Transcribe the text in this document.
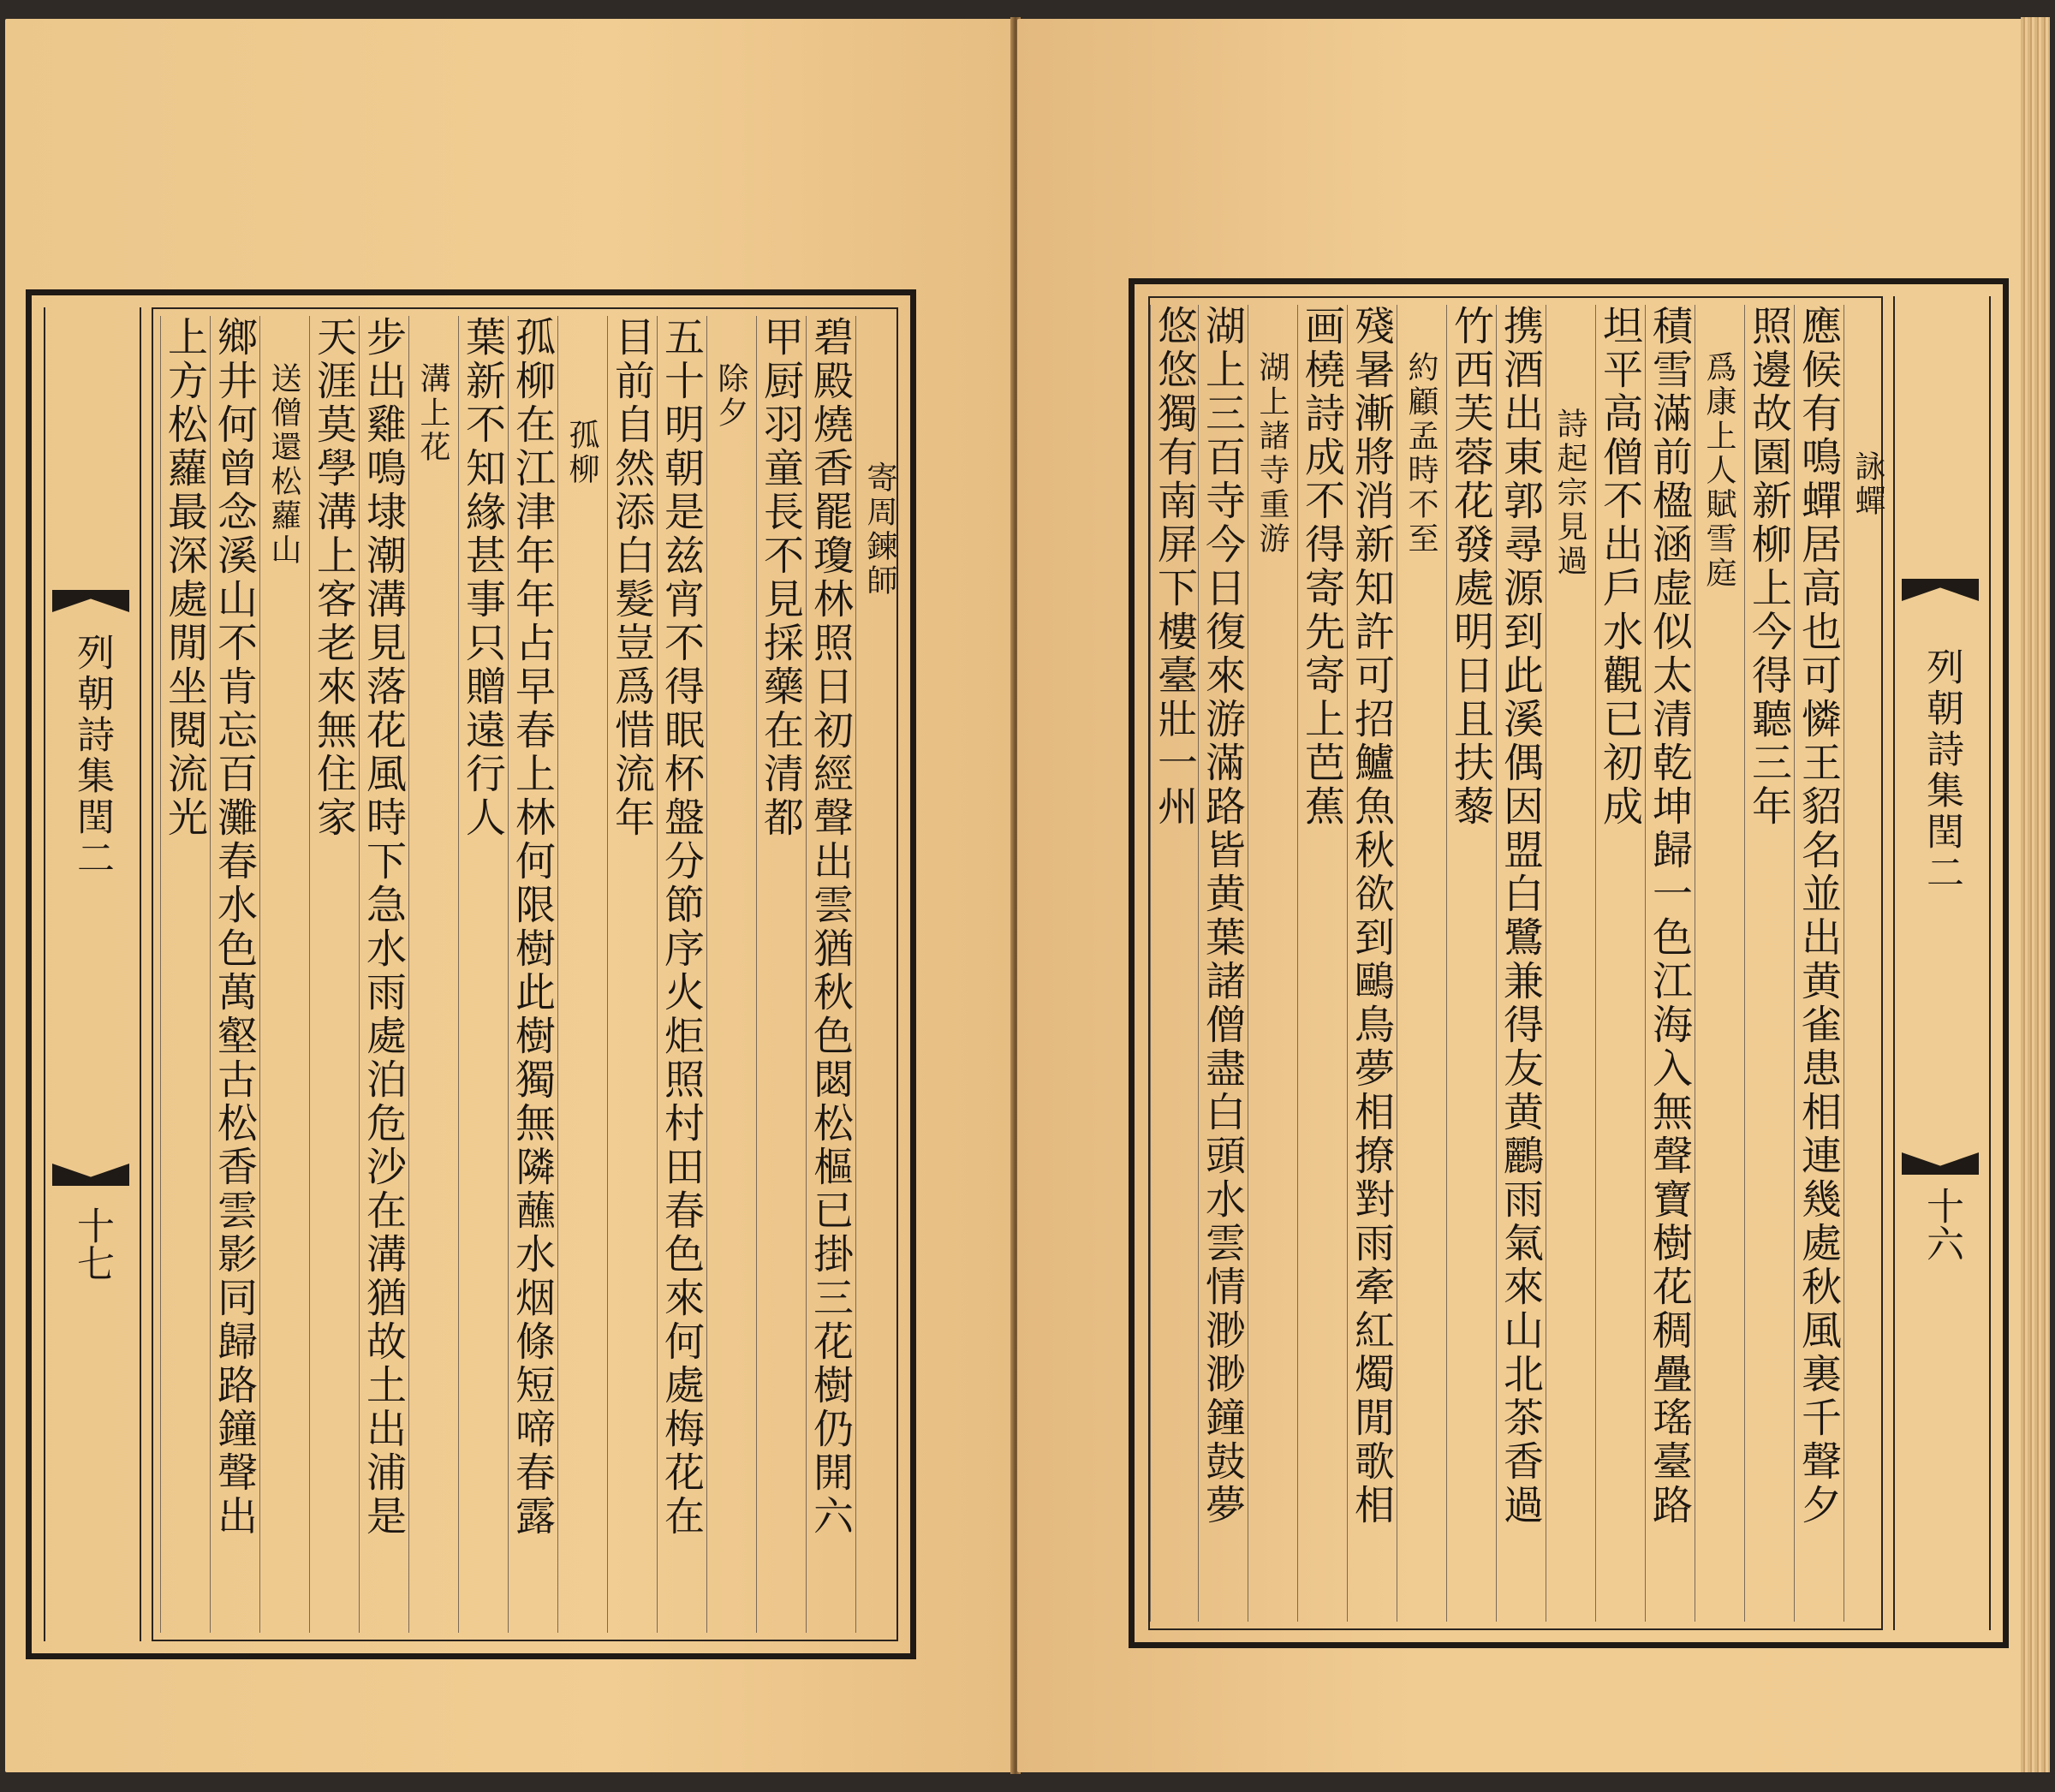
列朝詩集閏二
十七
上方松蘿最深處閒坐閱流光 鄉井何曾念溪山不肯忘百灘春水色萬壑古松香雲影同歸路鐘聲出 送僧還松蘿山 天涯莫學溝上客老來無住家 步出雞鳴埭潮溝見落花風時下急水雨處泊危沙在溝猶故土出浦是 溝上花 葉新不知緣甚事只贈遠行人 孤柳在江津年年占早春上林何限樹此樹獨無隣蘸水烟條短啼春露 孤柳 目前自然添白髮豈爲惜流年 五十明朝是兹宵不得眠杯盤分節序火炬照村田春色來何處梅花在 除夕 甲厨羽童長不見採藥在清都 碧殿燒香罷瓊林照日初經聲出雲猶秋色閟松樞已掛三花樹仍開六 寄周鍊師
列朝詩集閏二
十六
詠蟬
應候有鳴蟬居高也可憐王貂名並出黄雀患相連幾處秋風裏千聲夕
照邊故園新柳上今得聽三年
爲康上人賦雪庭
積雪滿前楹涵虚似太清乾坤歸一色江海入無聲寶樹花稠疊瑤臺路
坦平高僧不出戶水觀已初成
詩起宗見過
携酒出東郭尋源到此溪偶因盟白鷺兼得友黄鸝雨氣來山北茶香過
竹西芙蓉花發處明日且扶藜
約顧孟時不至
殘暑漸將消新知許可招鱸魚秋欲到鷗鳥夢相撩對雨牽紅燭閒歌相
画橈詩成不得寄先寄上芭蕉
湖上諸寺重游
湖上三百寺今日復來游滿路皆黄葉諸僧盡白頭水雲情渺渺鐘鼓夢
悠悠獨有南屏下樓臺壯一州
